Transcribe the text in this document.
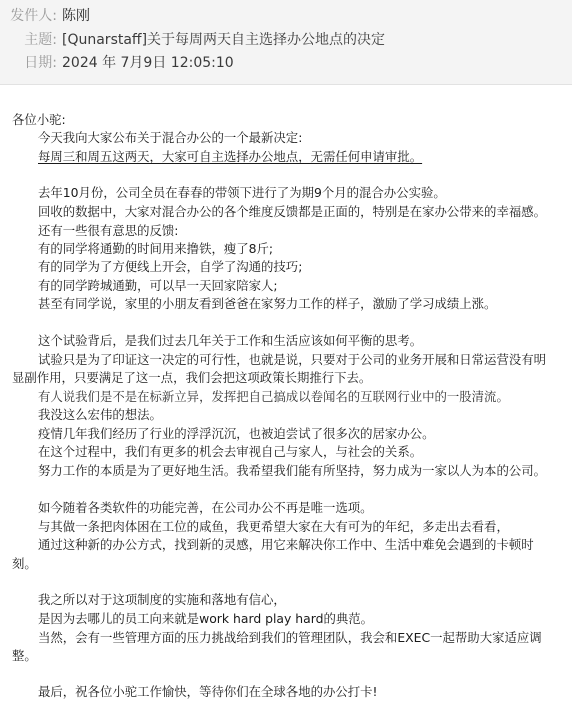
发件人: 陈刚
主题: [Qunarstaff]关于每周两天自主选择办公地点的决定
日期: 2024 年 7月9日 12:05:10
各位小驼:
今天我向大家公布关于混合办公的一个最新决定:
每周三和周五这两天，大家可自主选择办公地点，无需任何申请审批。
去年10月份，公司全员在春春的带领下进行了为期9个月的混合办公实验。
回收的数据中，大家对混合办公的各个维度反馈都是正面的，特别是在家办公带来的幸福感。
还有一些很有意思的反馈:
有的同学将通勤的时间用来撸铁，瘦了8斤;
有的同学为了方便线上开会，自学了沟通的技巧;
有的同学跨城通勤，可以早一天回家陪家人;
甚至有同学说，家里的小朋友看到爸爸在家努力工作的样子，激励了学习成绩上涨。
这个试验背后，是我们过去几年关于工作和生活应该如何平衡的思考。
试验只是为了印证这一决定的可行性，也就是说，只要对于公司的业务开展和日常运营没有明
显副作用，只要满足了这一点，我们会把这项政策长期推行下去。
有人说我们是不是在标新立异，发挥把自己搞成以卷闻名的互联网行业中的一股清流。
我没这么宏伟的想法。
疫情几年我们经历了行业的浮浮沉沉，也被迫尝试了很多次的居家办公。
在这个过程中，我们有更多的机会去审视自己与家人，与社会的关系。
努力工作的本质是为了更好地生活。我希望我们能有所坚持，努力成为一家以人为本的公司。
如今随着各类软件的功能完善，在公司办公不再是唯一选项。
与其做一条把肉体困在工位的咸鱼，我更希望大家在大有可为的年纪，多走出去看看，
通过这种新的办公方式，找到新的灵感，用它来解决你工作中、生活中难免会遇到的卡顿时
刻。
我之所以对于这项制度的实施和落地有信心，
是因为去哪儿的员工向来就是work hard play hard的典范。
当然，会有一些管理方面的压力挑战给到我们的管理团队，我会和EXEC一起帮助大家适应调
整。
最后，祝各位小驼工作愉快，等待你们在全球各地的办公打卡!
